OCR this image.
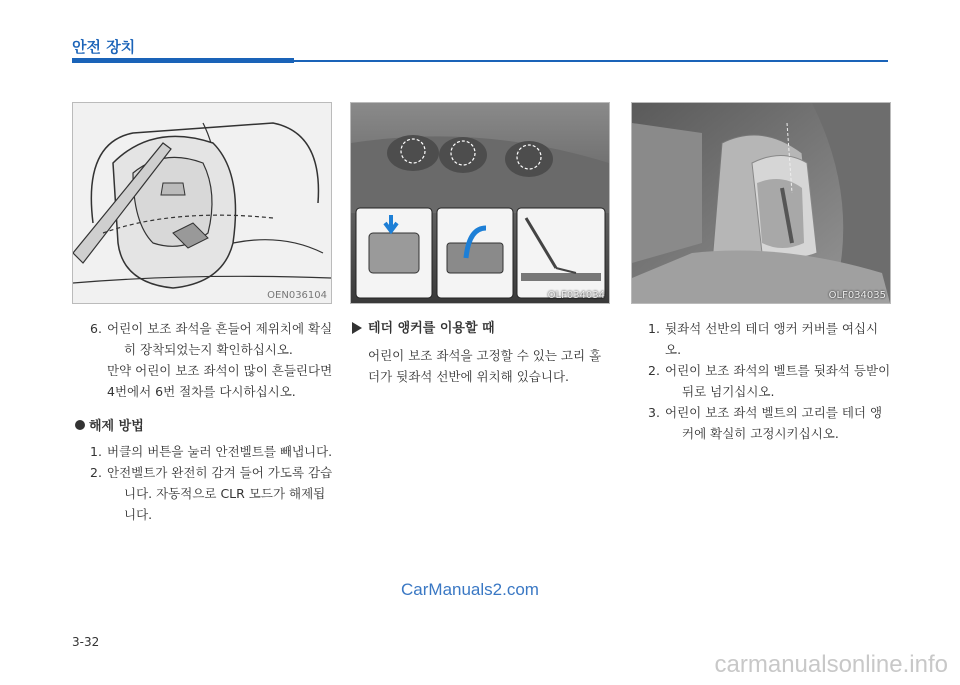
안전 장치
OEN036104	OLF034034	OLF034035
6. 어린이 보조 좌석을 흔들어 제위치에 확실
히 장착되었는지 확인하십시오.
만약 어린이 보조 좌석이 많이 흔들린다면
4번에서 6번 절차를 다시하십시오.
해제 방법
1. 버클의 버튼을 눌러 안전벨트를 빼냅니다.
2. 안전벨트가 완전히 감겨 들어 가도록 감습
니다. 자동적으로 CLR 모드가 해제됩니다.
테더 앵커를 이용할 때
어린이 보조 좌석을 고정할 수 있는 고리 홀
더가 뒷좌석 선반에 위치해 있습니다.
1. 뒷좌석 선반의 테더 앵커 커버를 여십시오.
2. 어린이 보조 좌석의 벨트를 뒷좌석 등받이
뒤로 넘기십시오.
3. 어린이 보조 좌석 벨트의 고리를 테더 앵
커에 확실히 고정시키십시오.
CarManuals2.com
carmanualsonline.info
3-32
